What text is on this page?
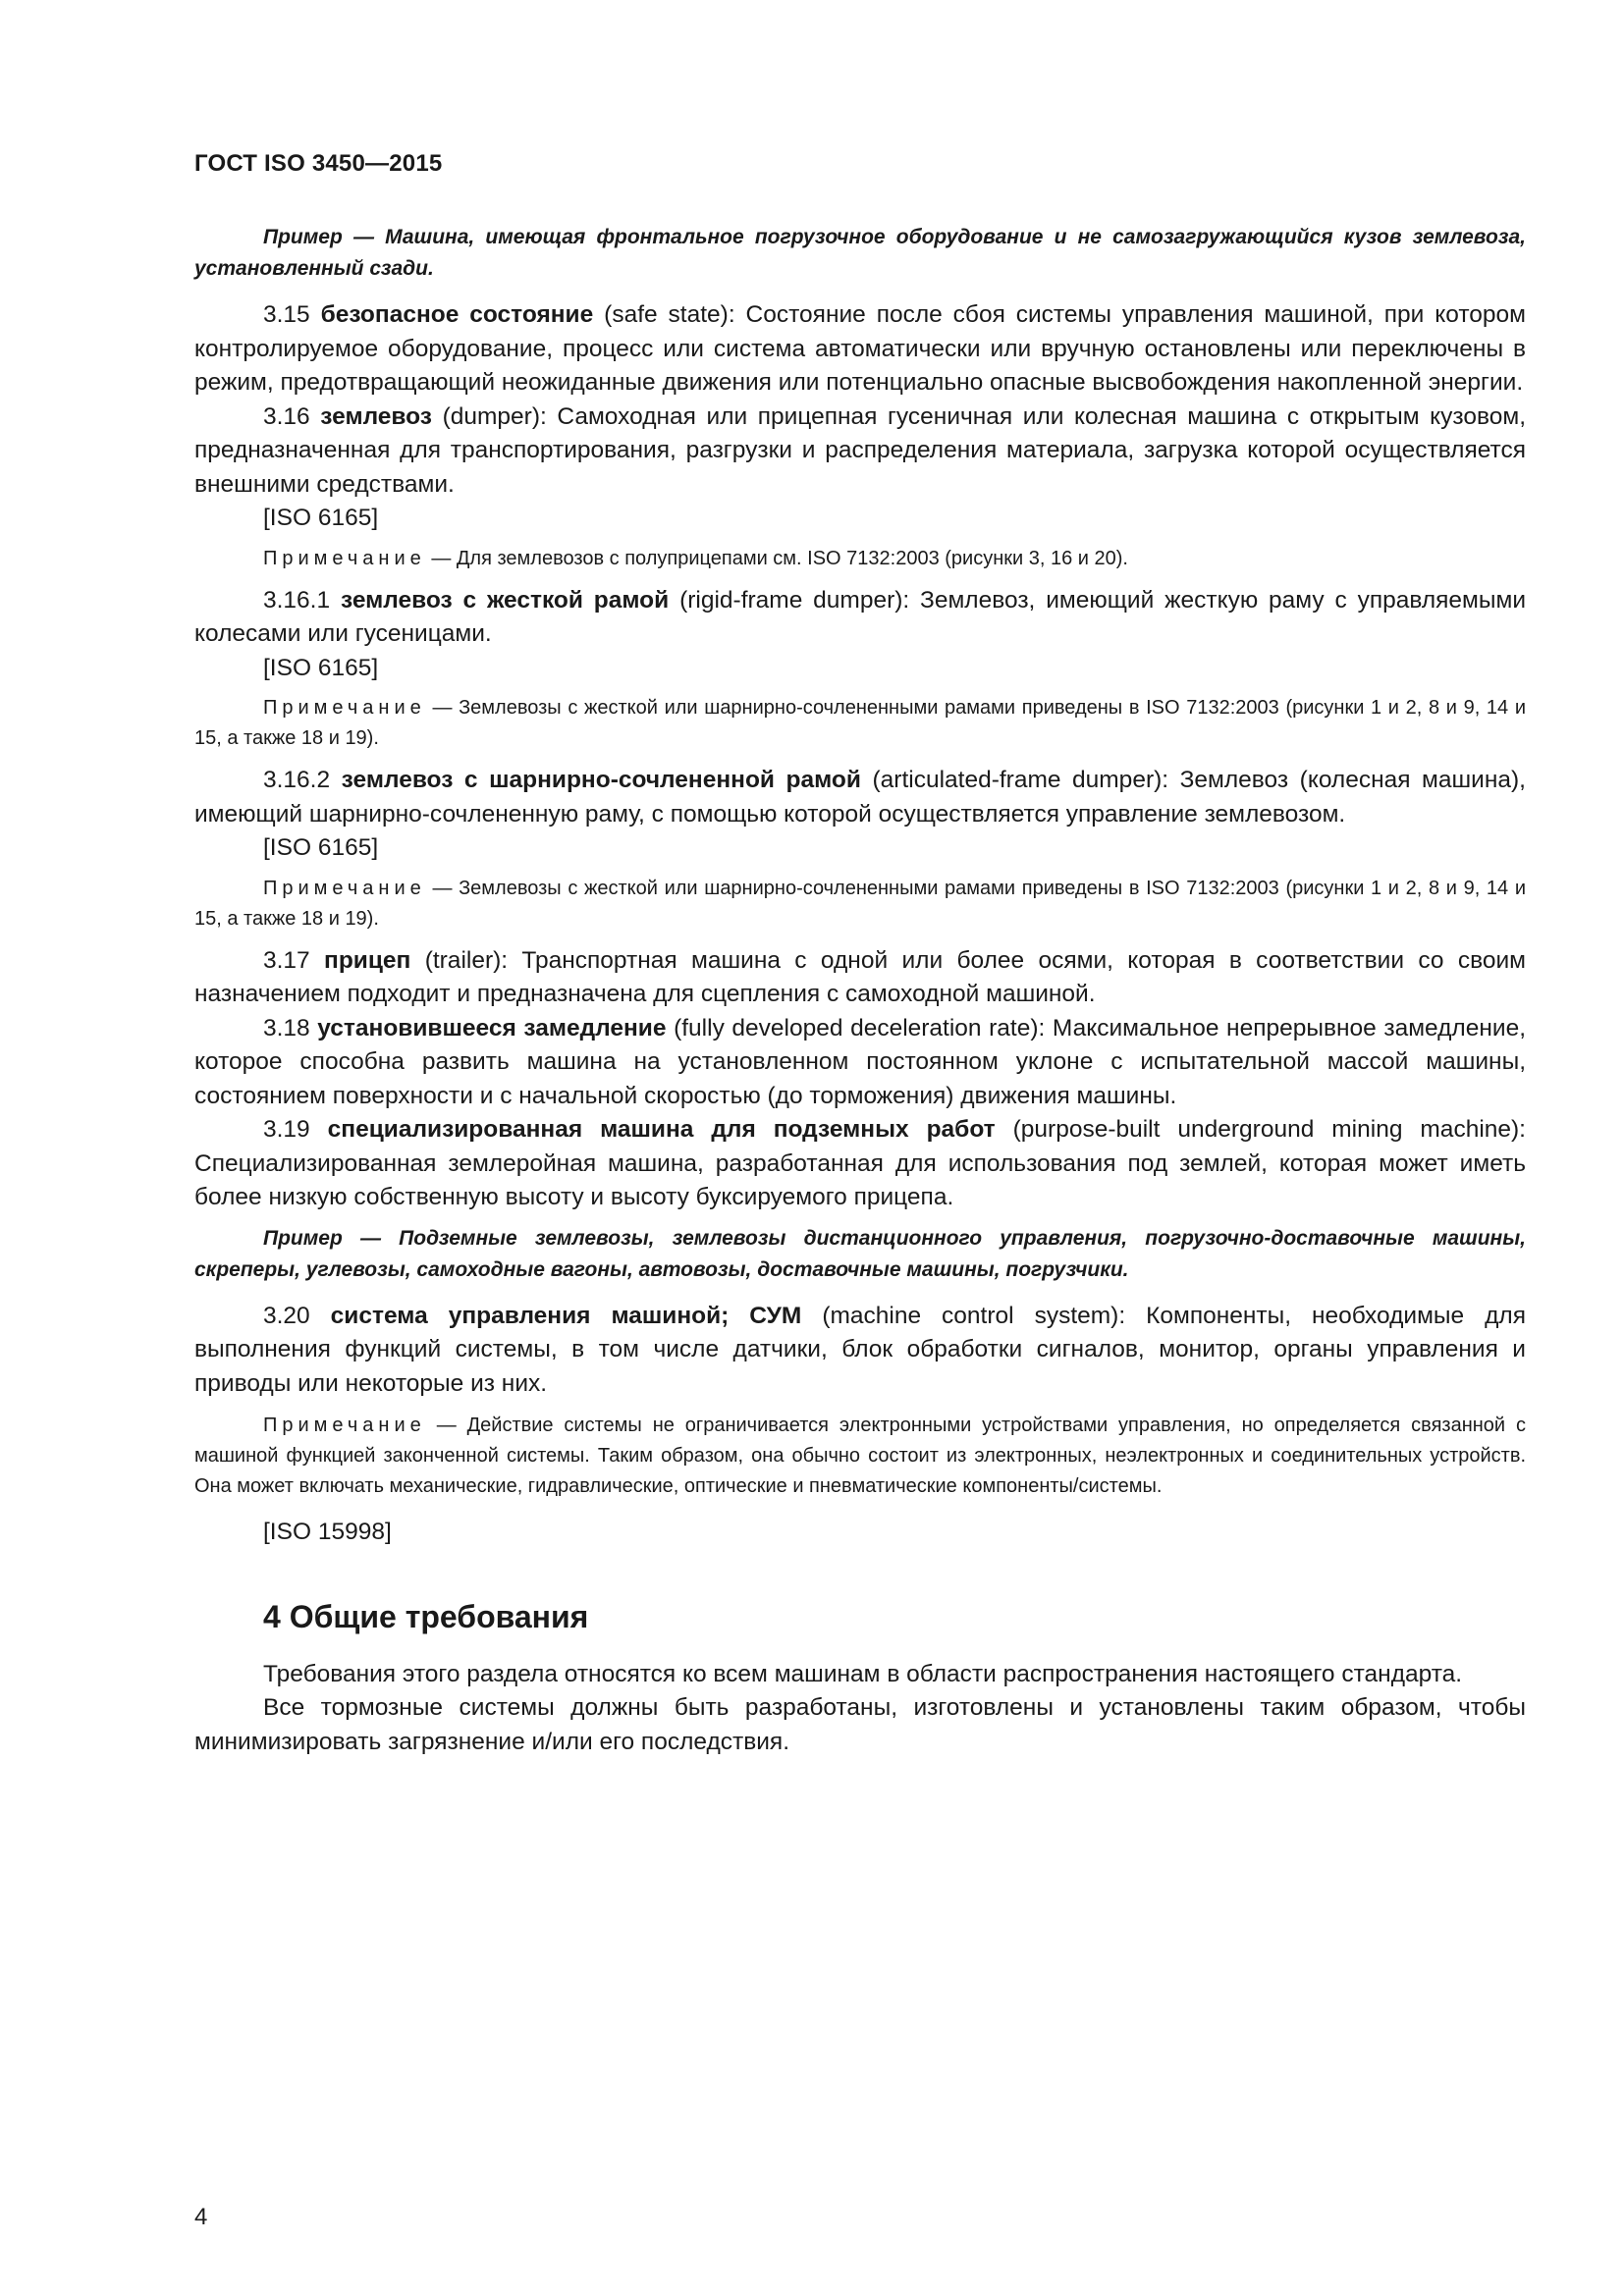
ГОСТ ISO 3450—2015

Пример — Машина, имеющая фронтальное погрузочное оборудование и не самозагружающийся кузов землевоза, установленный сзади.

3.15 безопасное состояние (safe state): Состояние после сбоя системы управления машиной, при котором контролируемое оборудование, процесс или система автоматически или вручную остановлены или переключены в режим, предотвращающий неожиданные движения или потенциально опасные высвобождения накопленной энергии.

3.16 землевоз (dumper): Самоходная или прицепная гусеничная или колесная машина с открытым кузовом, предназначенная для транспортирования, разгрузки и распределения материала, загрузка которой осуществляется внешними средствами.

[ISO 6165]

Примечание — Для землевозов с полуприцепами см. ISO 7132:2003 (рисунки 3, 16 и 20).

3.16.1 землевоз с жесткой рамой (rigid-frame dumper): Землевоз, имеющий жесткую раму с управляемыми колесами или гусеницами.

[ISO 6165]

Примечание — Землевозы с жесткой или шарнирно-сочлененными рамами приведены в ISO 7132:2003 (рисунки 1 и 2, 8 и 9, 14 и 15, а также 18 и 19).

3.16.2 землевоз с шарнирно-сочлененной рамой (articulated-frame dumper): Землевоз (колесная машина), имеющий шарнирно-сочлененную раму, с помощью которой осуществляется управление землевозом.

[ISO 6165]

Примечание — Землевозы с жесткой или шарнирно-сочлененными рамами приведены в ISO 7132:2003 (рисунки 1 и 2, 8 и 9, 14 и 15, а также 18 и 19).

3.17 прицеп (trailer): Транспортная машина с одной или более осями, которая в соответствии со своим назначением подходит и предназначена для сцепления с самоходной машиной.

3.18 установившееся замедление (fully developed deceleration rate): Максимальное непрерывное замедление, которое способна развить машина на установленном постоянном уклоне с испытательной массой машины, состоянием поверхности и с начальной скоростью (до торможения) движения машины.

3.19 специализированная машина для подземных работ (purpose-built underground mining machine): Специализированная землеройная машина, разработанная для использования под землей, которая может иметь более низкую собственную высоту и высоту буксируемого прицепа.

Пример — Подземные землевозы, землевозы дистанционного управления, погрузочно-доставочные машины, скреперы, углевозы, самоходные вагоны, автовозы, доставочные машины, погрузчики.

3.20 система управления машиной; СУМ (machine control system): Компоненты, необходимые для выполнения функций системы, в том числе датчики, блок обработки сигналов, монитор, органы управления и приводы или некоторые из них.

Примечание — Действие системы не ограничивается электронными устройствами управления, но определяется связанной с машиной функцией законченной системы. Таким образом, она обычно состоит из электронных, неэлектронных и соединительных устройств. Она может включать механические, гидравлические, оптические и пневматические компоненты/системы.

[ISO 15998]

4 Общие требования

Требования этого раздела относятся ко всем машинам в области распространения настоящего стандарта.

Все тормозные системы должны быть разработаны, изготовлены и установлены таким образом, чтобы минимизировать загрязнение и/или его последствия.

4
